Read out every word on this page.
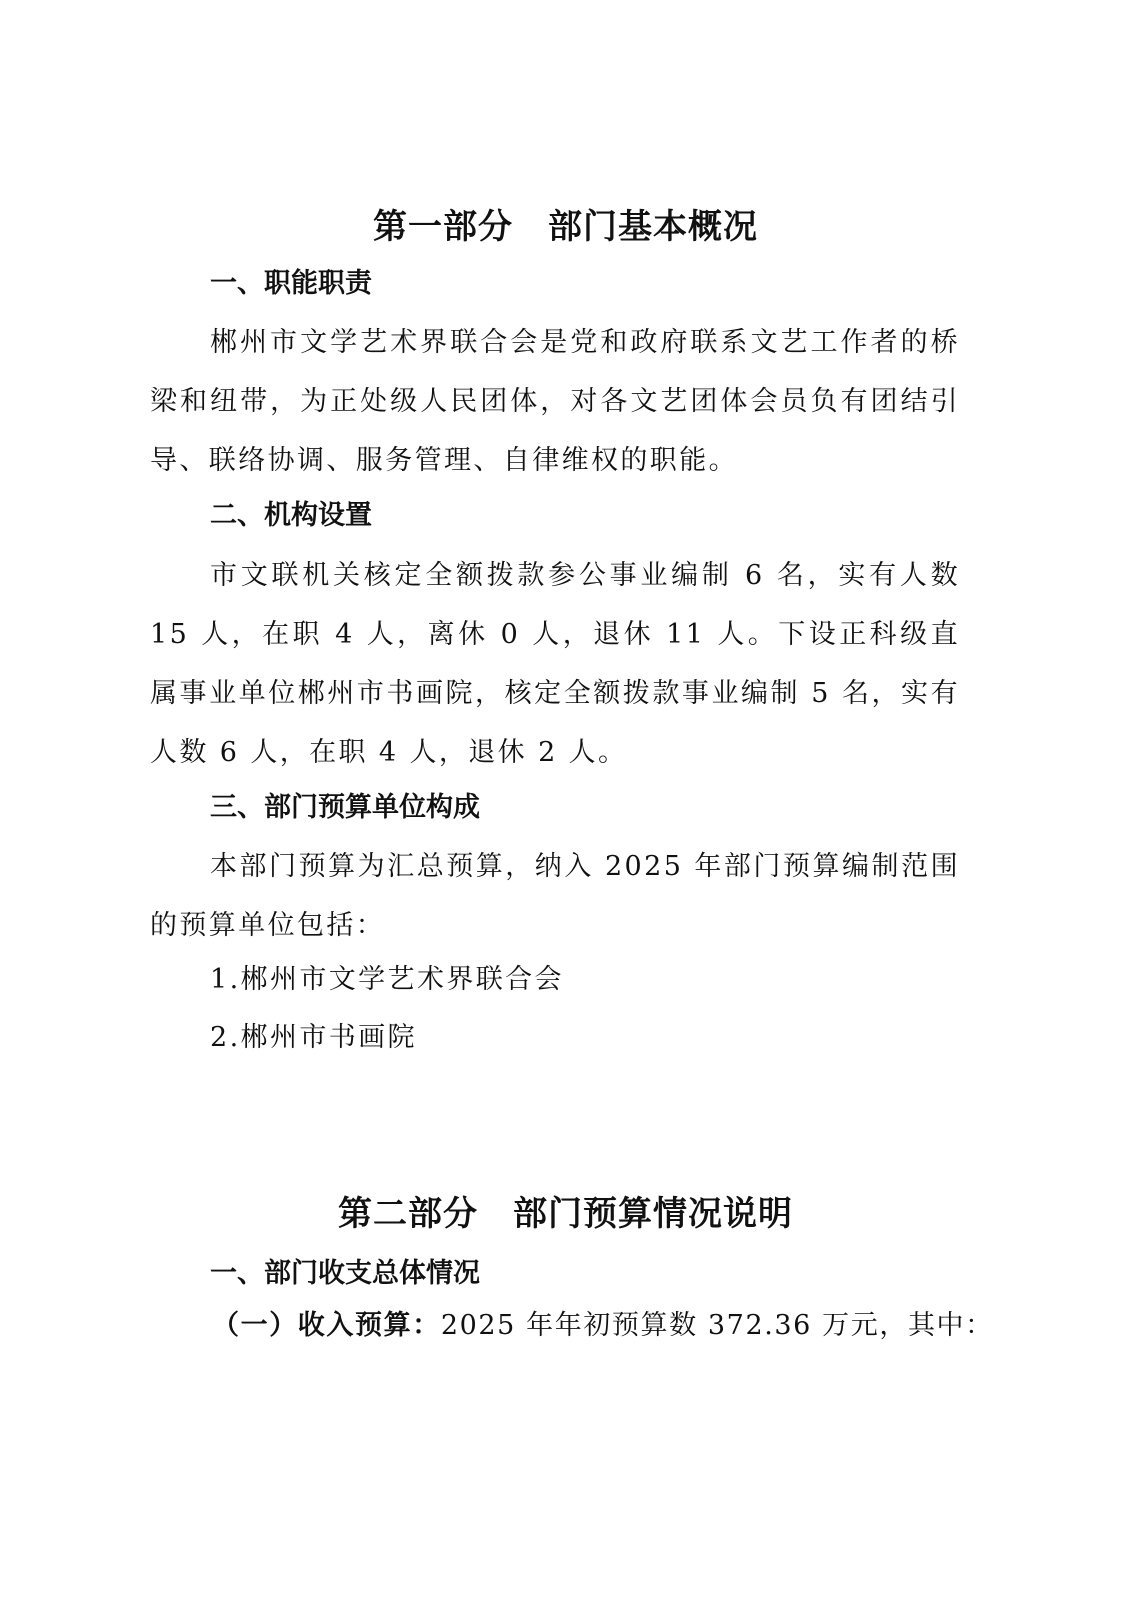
第一部分　部门基本概况
一、职能职责
郴州市文学艺术界联合会是党和政府联系文艺工作者的桥梁和纽带，为正处级人民团体，对各文艺团体会员负有团结引导、联络协调、服务管理、自律维权的职能。
二、机构设置
市文联机关核定全额拨款参公事业编制 6 名，实有人数 15 人，在职 4 人，离休 0 人，退休 11 人。下设正科级直属事业单位郴州市书画院，核定全额拨款事业编制 5 名，实有人数 6 人，在职 4 人，退休 2 人。
三、部门预算单位构成
本部门预算为汇总预算，纳入 2025 年部门预算编制范围的预算单位包括：
1.郴州市文学艺术界联合会
2.郴州市书画院
第二部分　部门预算情况说明
一、部门收支总体情况
（一）收入预算：2025 年年初预算数 372.36 万元，其中：
